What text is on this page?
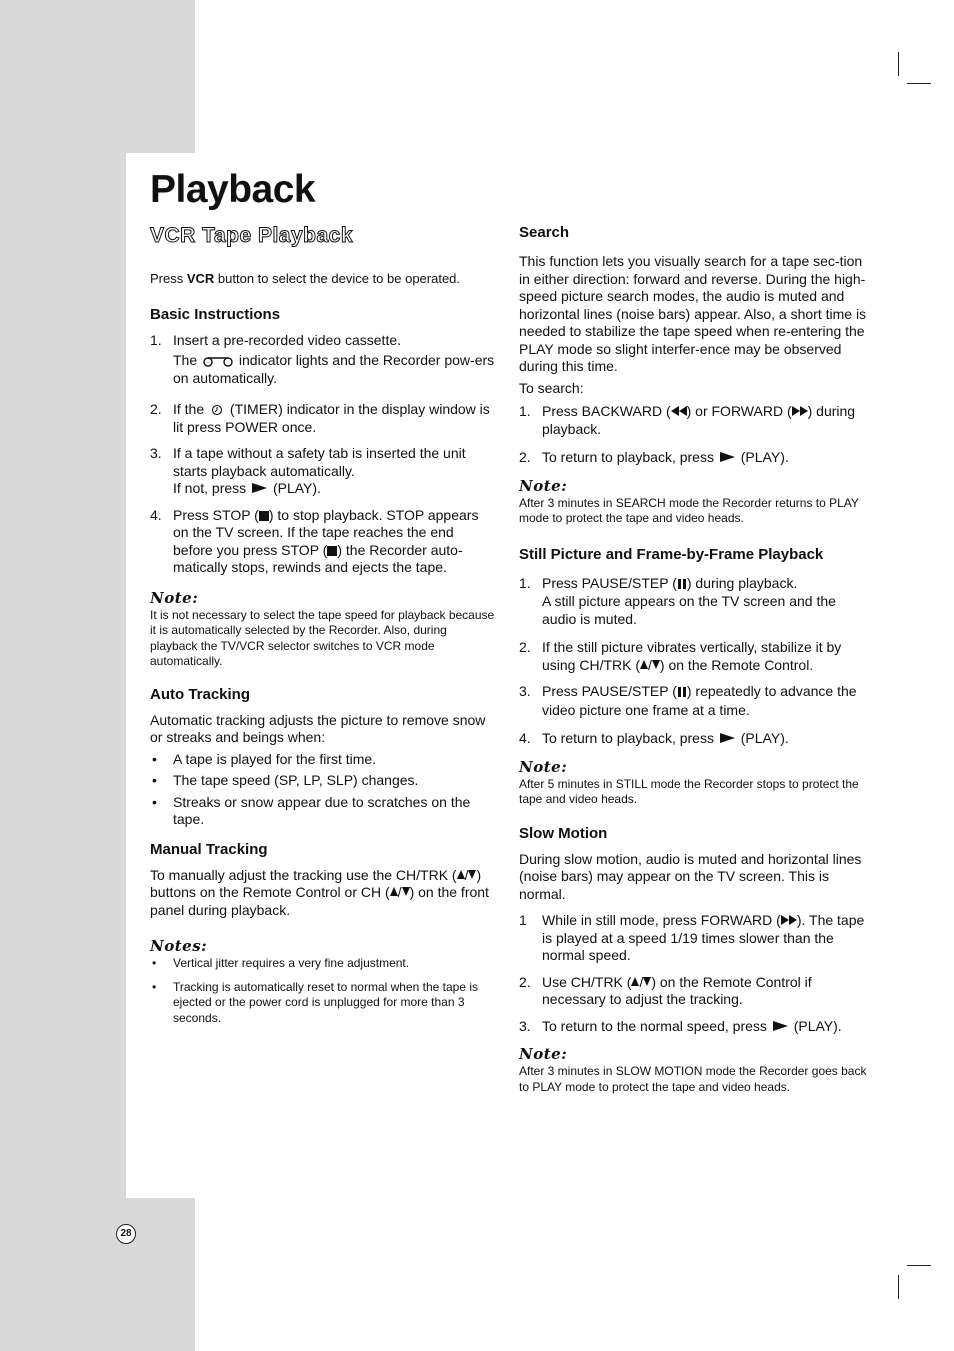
28
Playback
VCR Tape Playback

Press VCR button to select the device to be operated.

Basic Instructions
1. Insert a pre-recorded video cassette.
The	indicator lights and the Recorder pow-ers on automatically.
2. If the (TIMER) indicator in the display window is lit press POWER once.
3. If a tape without a safety tab is inserted the unit starts playback automatically.
If not, press (PLAY).
4. Press STOP ( ) to stop playback. STOP appears on the TV screen. If the tape reaches the end before you press STOP ( ) the Recorder auto-matically stops, rewinds and ejects the tape.
Note:

It is not necessary to select the tape speed for playback because it is automatically selected by the Recorder. Also, during playback the TV/VCR selector switches to VCR mode automatically.

Auto Tracking

Automatic tracking adjusts the picture to remove snow or streaks and beings when:

• A tape is played for the first time.
• The tape speed (SP, LP, SLP) changes.
• Streaks or snow appear due to scratches on the tape.
Manual Tracking

To manually adjust the tracking use the CH/TRK ( / ) buttons on the Remote Control or CH ( / ) on the front panel during playback.

Notes:
• Vertical jitter requires a very fine adjustment.
• Tracking is automatically reset to normal when the tape is ejected or the power cord is unplugged for more than 3 seconds.
Search

This function lets you visually search for a tape sec-tion in either direction: forward and reverse. During the high-speed picture search modes, the audio is muted and horizontal lines (noise bars) appear. Also, a short time is needed to stabilize the tape speed when re-entering the PLAY mode so slight interfer-ence may be observed during this time.

To search:

1. Press BACKWARD ( ) or FORWARD ( ) during playback.
2. To return to playback, press (PLAY).
Note:

After 3 minutes in SEARCH mode the Recorder returns to PLAY mode to protect the tape and video heads.

Still Picture and Frame-by-Frame Playback
1. Press PAUSE/STEP ( ) during playback.
A still picture appears on the TV screen and the audio is muted.
2. If the still picture vibrates vertically, stabilize it by using CH/TRK ( / ) on the Remote Control.
3. Press PAUSE/STEP ( ) repeatedly to advance the video picture one frame at a time.
4. To return to playback, press (PLAY).
Note:

After 5 minutes in STILL mode the Recorder stops to protect the tape and video heads.

Slow Motion

During slow motion, audio is muted and horizontal lines (noise bars) may appear on the TV screen. This is normal.

1 While in still mode, press FORWARD ( ). The tape is played at a speed 1/19 times slower than the normal speed.
2. Use CH/TRK ( / ) on the Remote Control if necessary to adjust the tracking.
3. To return to the normal speed, press (PLAY).
Note:

After 3 minutes in SLOW MOTION mode the Recorder goes back to PLAY mode to protect the tape and video heads.
